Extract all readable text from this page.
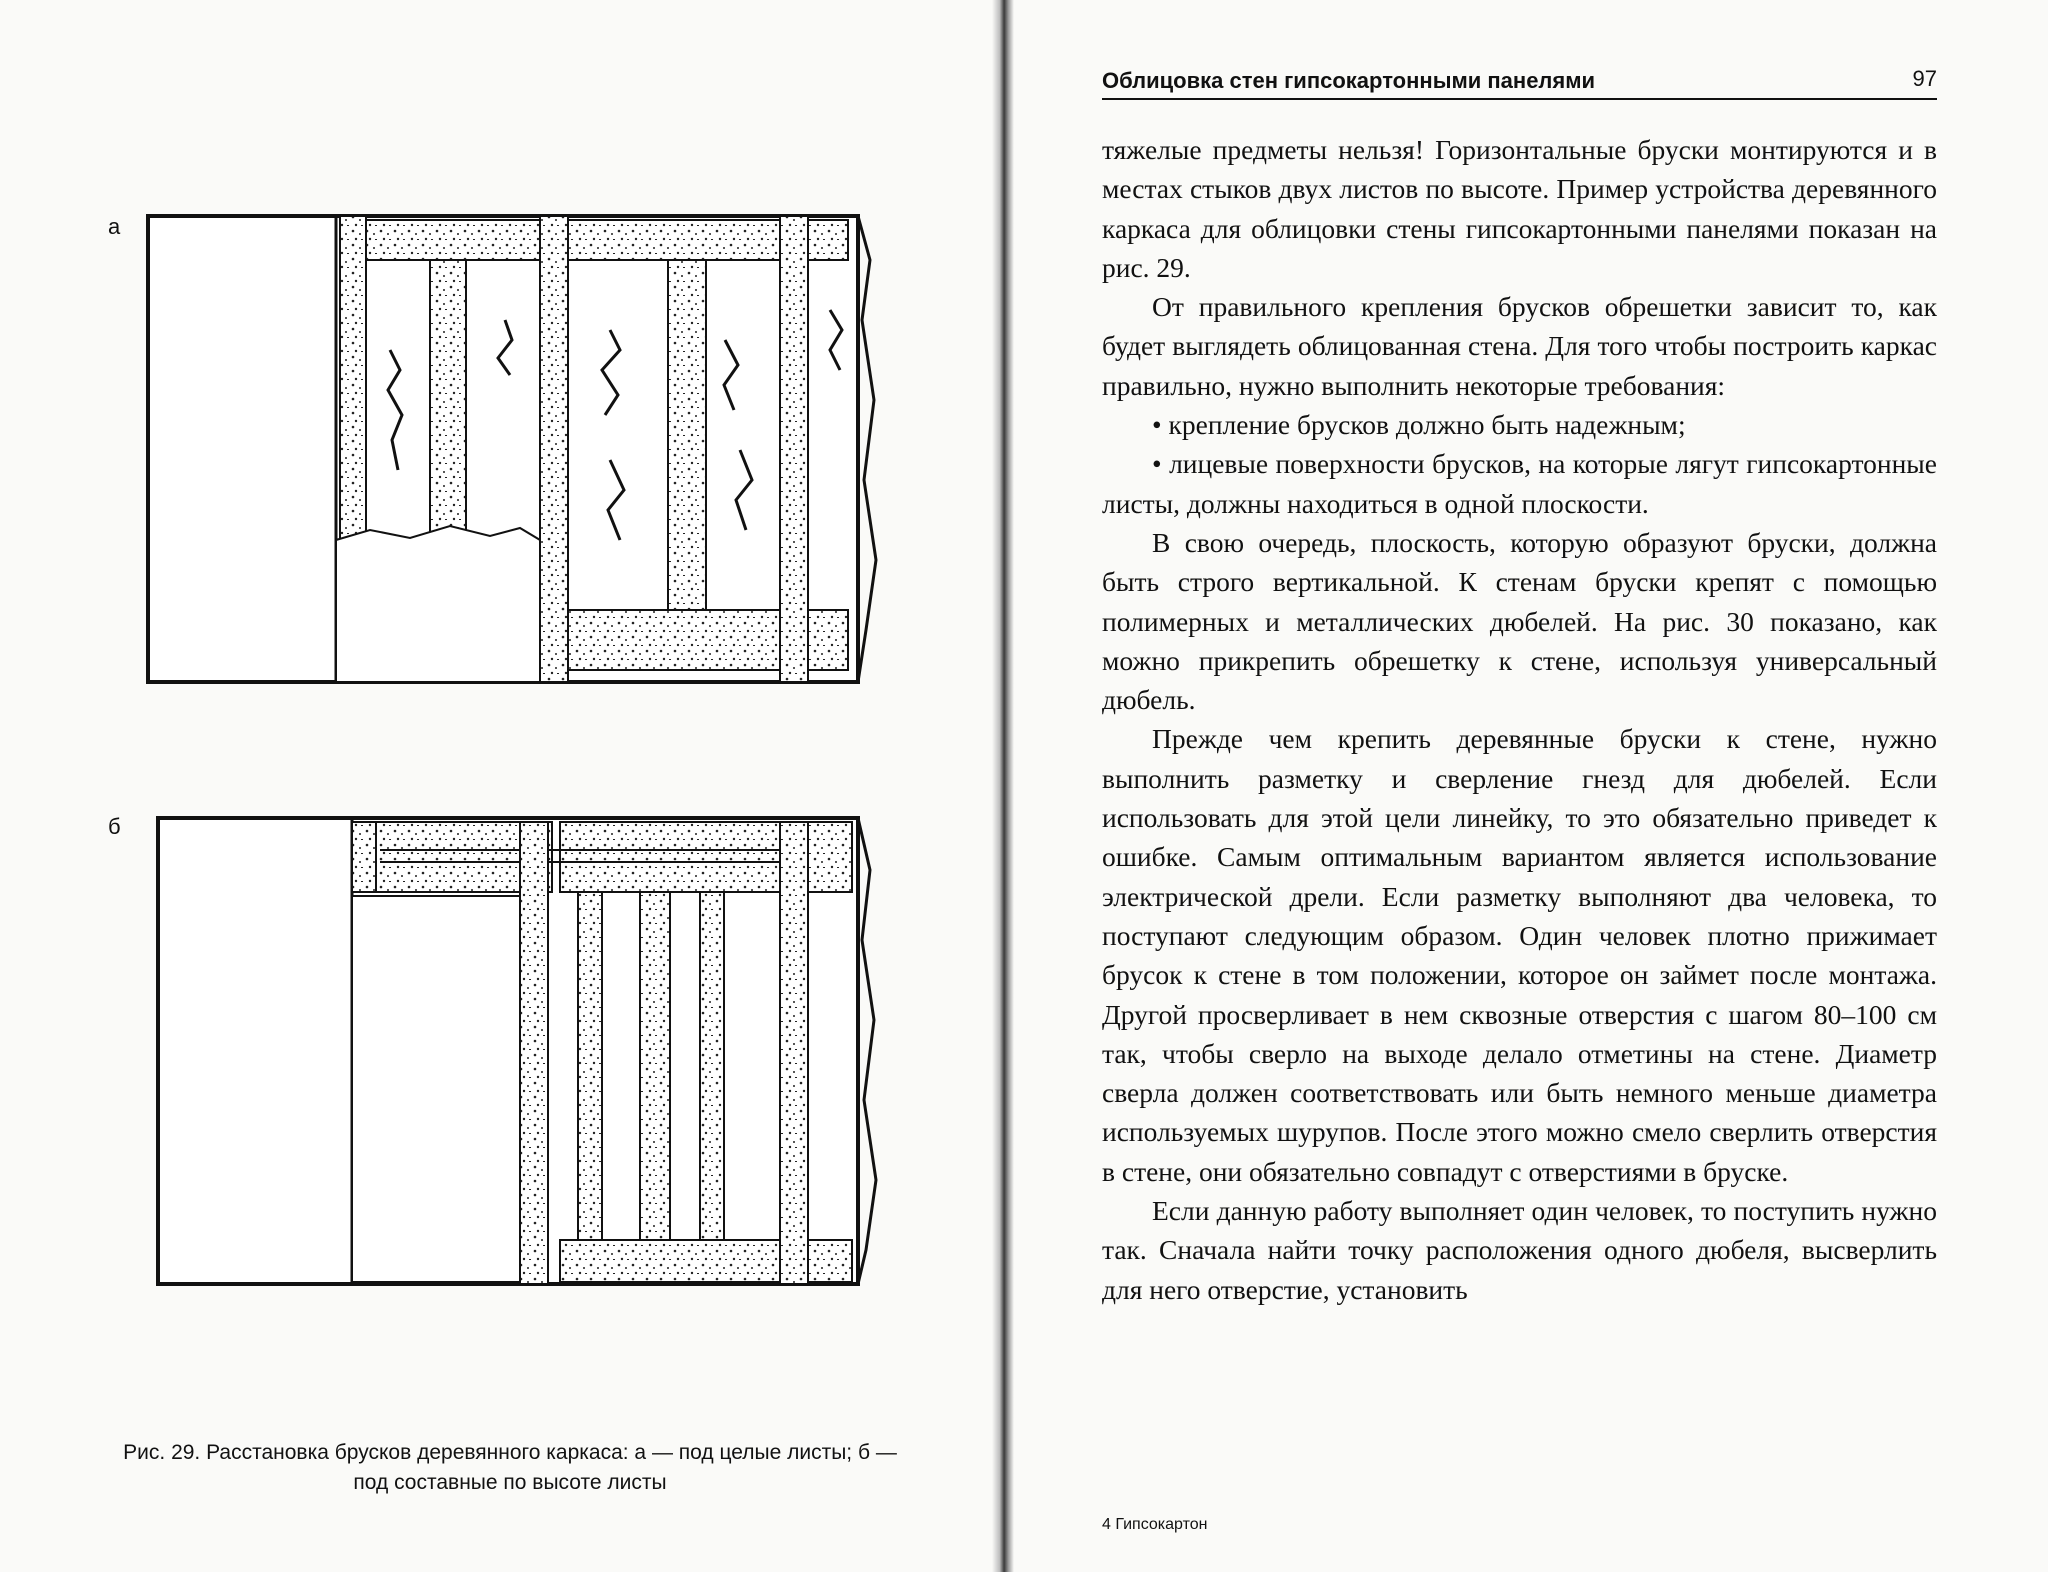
а
б
Рис. 29. Расстановка брусков деревянного каркаса: а — под целые листы; б — под составные по высоте листы
Облицовка стен гипсокартонными панелями	97

тяжелые предметы нельзя! Горизонтальные бруски монтируются и в местах стыков двух листов по высоте. Пример устройства деревянного каркаса для облицовки стены гипсокартонными панелями показан на рис. 29.

От правильного крепления брусков обрешетки зависит то, как будет выглядеть облицованная стена. Для того чтобы построить каркас правильно, нужно выполнить некоторые требования:

• крепление брусков должно быть надежным;

• лицевые поверхности брусков, на которые лягут гипсокартонные листы, должны находиться в одной плоскости.

В свою очередь, плоскость, которую образуют бруски, должна быть строго вертикальной. К стенам бруски крепят с помощью полимерных и металлических дюбелей. На рис. 30 показано, как можно прикрепить обрешетку к стене, используя универсальный дюбель.

Прежде чем крепить деревянные бруски к стене, нужно выполнить разметку и сверление гнезд для дюбелей. Если использовать для этой цели линейку, то это обязательно приведет к ошибке. Самым оптимальным вариантом является использование электрической дрели. Если разметку выполняют два человека, то поступают следующим образом. Один человек плотно прижимает брусок к стене в том положении, которое он займет после монтажа. Другой просверливает в нем сквозные отверстия с шагом 80–100 см так, чтобы сверло на выходе делало отметины на стене. Диаметр сверла должен соответствовать или быть немного меньше диаметра используемых шурупов. После этого можно смело сверлить отверстия в стене, они обязательно совпадут с отверстиями в бруске.

Если данную работу выполняет один человек, то поступить нужно так. Сначала найти точку расположения одного дюбеля, высверлить для него отверстие, установить

4 Гипсокартон
